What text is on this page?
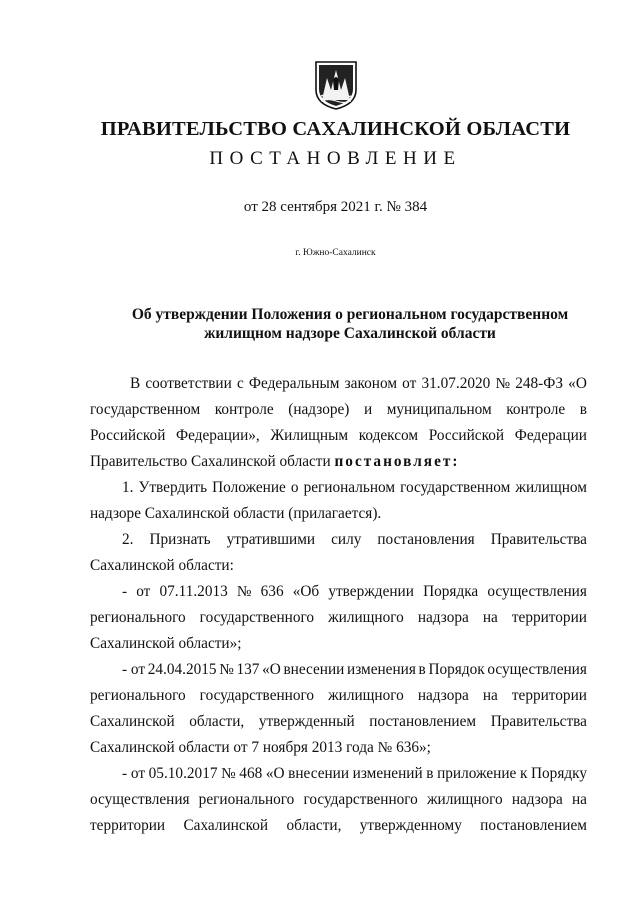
ПРАВИТЕЛЬСТВО САХАЛИНСКОЙ ОБЛАСТИ
ПОСТАНОВЛЕНИЕ
от 28 сентября 2021 г. № 384
г. Южно-Сахалинск
Об утверждении Положения о региональном государственном
жилищном надзоре Сахалинской области
В соответствии с Федеральным законом от 31.07.2020 № 248-ФЗ «О
государственном контроле (надзоре) и муниципальном контроле в
Российской Федерации», Жилищным кодексом Российской Федерации
Правительство Сахалинской области постановляет:
1. Утвердить Положение о региональном государственном жилищном
надзоре Сахалинской области (прилагается).
2. Признать утратившими силу постановления Правительства
Сахалинской области:
- от 07.11.2013 № 636 «Об утверждении Порядка осуществления
регионального государственного жилищного надзора на территории
Сахалинской области»;
- от 24.04.2015 № 137 «О внесении изменения в Порядок осуществления
регионального государственного жилищного надзора на территории
Сахалинской области, утвержденный постановлением Правительства
Сахалинской области от 7 ноября 2013 года № 636»;
- от 05.10.2017 № 468 «О внесении изменений в приложение к Порядку
осуществления регионального государственного жилищного надзора на
территории Сахалинской области, утвержденному постановлением
